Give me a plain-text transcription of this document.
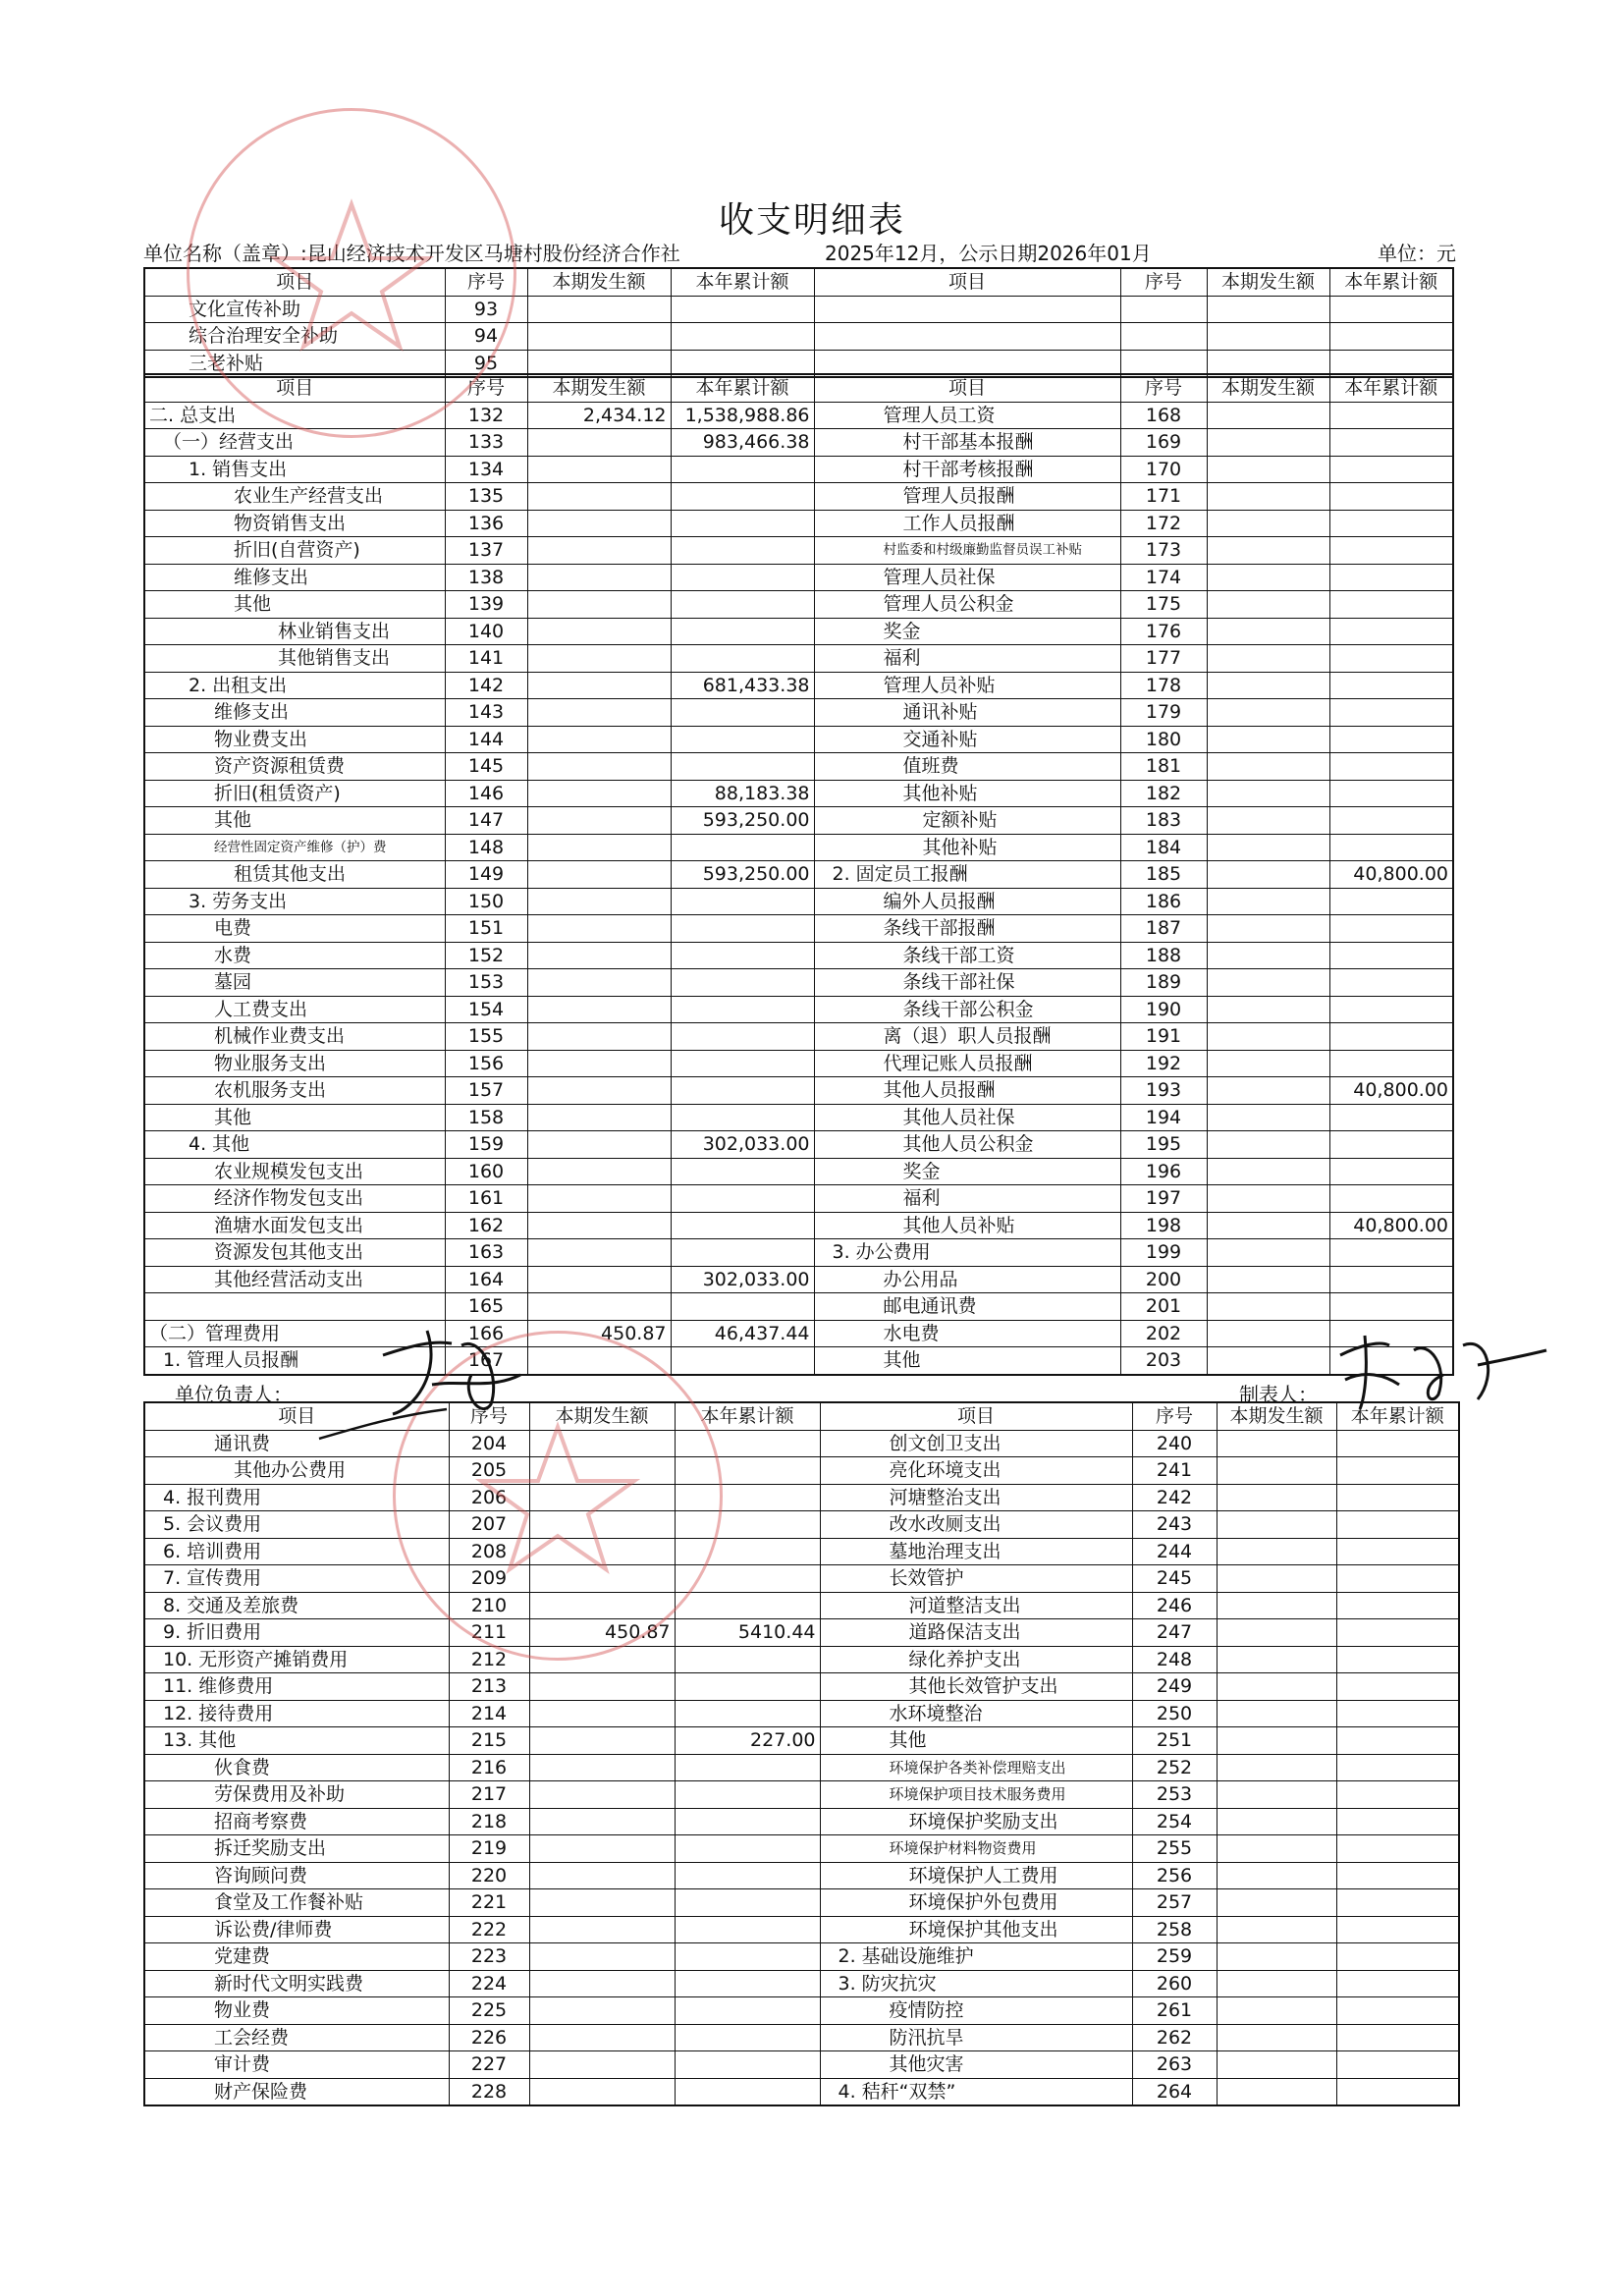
收支明细表
单位名称（盖章）:昆山经济技术开发区马塘村股份经济合作社	2025年12月，公示日期2026年01月	单位：元
项目	序号	本期发生额	本年累计额	项目	序号	本期发生额	本年累计额
文化宣传补助	93						
综合治理安全补助	94						
三老补贴	95						
项目	序号	本期发生额	本年累计额	项目	序号	本期发生额	本年累计额
二. 总支出	132	2,434.12	1,538,988.86	管理人员工资	168		
（一）经营支出	133		983,466.38	村干部基本报酬	169		
1. 销售支出	134			村干部考核报酬	170		
农业生产经营支出	135			管理人员报酬	171		
物资销售支出	136			工作人员报酬	172		
折旧(自营资产)	137			村监委和村级廉勤监督员误工补贴	173		
维修支出	138			管理人员社保	174		
其他	139			管理人员公积金	175		
林业销售支出	140			奖金	176		
其他销售支出	141			福利	177		
2. 出租支出	142		681,433.38	管理人员补贴	178		
维修支出	143			通讯补贴	179		
物业费支出	144			交通补贴	180		
资产资源租赁费	145			值班费	181		
折旧(租赁资产)	146		88,183.38	其他补贴	182		
其他	147		593,250.00	定额补贴	183		
经营性固定资产维修（护）费	148			其他补贴	184		
租赁其他支出	149		593,250.00	2. 固定员工报酬	185		40,800.00
3. 劳务支出	150			编外人员报酬	186		
电费	151			条线干部报酬	187		
水费	152			条线干部工资	188		
墓园	153			条线干部社保	189		
人工费支出	154			条线干部公积金	190		
机械作业费支出	155			离（退）职人员报酬	191		
物业服务支出	156			代理记账人员报酬	192		
农机服务支出	157			其他人员报酬	193		40,800.00
其他	158			其他人员社保	194		
4. 其他	159		302,033.00	其他人员公积金	195		
农业规模发包支出	160			奖金	196		
经济作物发包支出	161			福利	197		
渔塘水面发包支出	162			其他人员补贴	198		40,800.00
资源发包其他支出	163			3. 办公费用	199		
其他经营活动支出	164		302,033.00	办公用品	200		
	165			邮电通讯费	201		
（二）管理费用	166	450.87	46,437.44	水电费	202		
1. 管理人员报酬	167			其他	203		
单位负责人：	制表人：
项目	序号	本期发生额	本年累计额	项目	序号	本期发生额	本年累计额
通讯费	204			创文创卫支出	240		
其他办公费用	205			亮化环境支出	241		
4. 报刊费用	206			河塘整治支出	242		
5. 会议费用	207			改水改厕支出	243		
6. 培训费用	208			墓地治理支出	244		
7. 宣传费用	209			长效管护	245		
8. 交通及差旅费	210			河道整洁支出	246		
9. 折旧费用	211	450.87	5410.44	道路保洁支出	247		
10. 无形资产摊销费用	212			绿化养护支出	248		
11. 维修费用	213			其他长效管护支出	249		
12. 接待费用	214			水环境整治	250		
13. 其他	215		227.00	其他	251		
伙食费	216			环境保护各类补偿理赔支出	252		
劳保费用及补助	217			环境保护项目技术服务费用	253		
招商考察费	218			环境保护奖励支出	254		
拆迁奖励支出	219			环境保护材料物资费用	255		
咨询顾问费	220			环境保护人工费用	256		
食堂及工作餐补贴	221			环境保护外包费用	257		
诉讼费/律师费	222			环境保护其他支出	258		
党建费	223			2. 基础设施维护	259		
新时代文明实践费	224			3. 防灾抗灾	260		
物业费	225			疫情防控	261		
工会经费	226			防汛抗旱	262		
审计费	227			其他灾害	263		
财产保险费	228			4. 秸秆“双禁”	264		
